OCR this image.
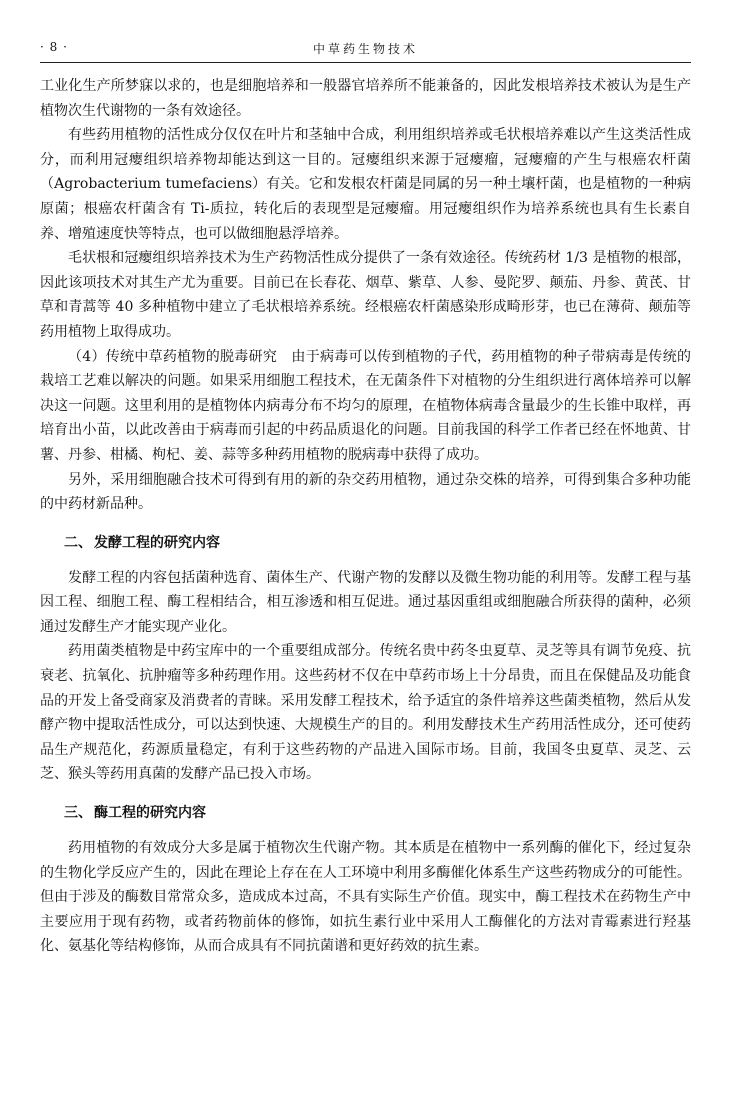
· 8 ·	中草药生物技术

工业化生产所梦寐以求的，也是细胞培养和一般器官培养所不能兼备的，因此发根培养技术被认为是生产植物次生代谢物的一条有效途径。

有些药用植物的活性成分仅仅在叶片和茎轴中合成，利用组织培养或毛状根培养难以产生这类活性成分，而利用冠瘿组织培养物却能达到这一目的。冠瘿组织来源于冠瘿瘤，冠瘿瘤的产生与根癌农杆菌（Agrobacterium tumefaciens）有关。它和发根农杆菌是同属的另一种土壤杆菌，也是植物的一种病原菌；根癌农杆菌含有 Ti-质拉，转化后的表现型是冠瘿瘤。用冠瘿组织作为培养系统也具有生长素自养、增殖速度快等特点，也可以做细胞悬浮培养。

毛状根和冠瘿组织培养技术为生产药物活性成分提供了一条有效途径。传统药材 1/3 是植物的根部，因此该项技术对其生产尤为重要。目前已在长春花、烟草、紫草、人参、曼陀罗、颠茄、丹参、黄芪、甘草和青蒿等 40 多种植物中建立了毛状根培养系统。经根癌农杆菌感染形成畸形芽，也已在薄荷、颠茄等药用植物上取得成功。

（4）传统中草药植物的脱毒研究　由于病毒可以传到植物的子代，药用植物的种子带病毒是传统的栽培工艺难以解决的问题。如果采用细胞工程技术，在无菌条件下对植物的分生组织进行离体培养可以解决这一问题。这里利用的是植物体内病毒分布不均匀的原理，在植物体病毒含量最少的生长锥中取样，再培育出小苗，以此改善由于病毒而引起的中药品质退化的问题。目前我国的科学工作者已经在怀地黄、甘薯、丹参、柑橘、枸杞、姜、蒜等多种药用植物的脱病毒中获得了成功。

另外，采用细胞融合技术可得到有用的新的杂交药用植物，通过杂交株的培养，可得到集合多种功能的中药材新品种。

二、 发酵工程的研究内容

发酵工程的内容包括菌种选育、菌体生产、代谢产物的发酵以及微生物功能的利用等。发酵工程与基因工程、细胞工程、酶工程相结合，相互渗透和相互促进。通过基因重组或细胞融合所获得的菌种，必须通过发酵生产才能实现产业化。

药用菌类植物是中药宝库中的一个重要组成部分。传统名贵中药冬虫夏草、灵芝等具有调节免疫、抗衰老、抗氧化、抗肿瘤等多种药理作用。这些药材不仅在中草药市场上十分昂贵，而且在保健品及功能食品的开发上备受商家及消费者的青睐。采用发酵工程技术，给予适宜的条件培养这些菌类植物，然后从发酵产物中提取活性成分，可以达到快速、大规模生产的目的。利用发酵技术生产药用活性成分，还可使药品生产规范化，药源质量稳定，有利于这些药物的产品进入国际市场。目前，我国冬虫夏草、灵芝、云芝、猴头等药用真菌的发酵产品已投入市场。

三、 酶工程的研究内容

药用植物的有效成分大多是属于植物次生代谢产物。其本质是在植物中一系列酶的催化下，经过复杂的生物化学反应产生的，因此在理论上存在在人工环境中利用多酶催化体系生产这些药物成分的可能性。但由于涉及的酶数目常常众多，造成成本过高，不具有实际生产价值。现实中，酶工程技术在药物生产中主要应用于现有药物，或者药物前体的修饰，如抗生素行业中采用人工酶催化的方法对青霉素进行羟基化、氨基化等结构修饰，从而合成具有不同抗菌谱和更好药效的抗生素。
